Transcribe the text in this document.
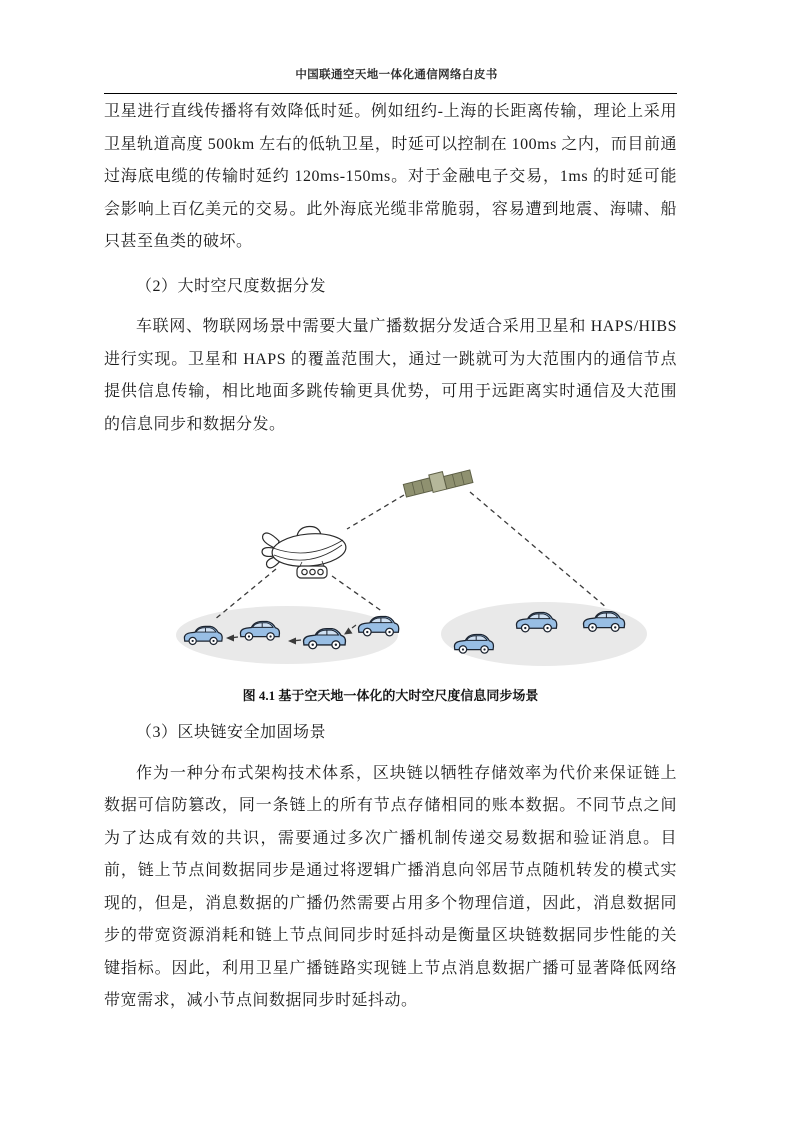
中国联通空天地一体化通信网络白皮书

卫星进行直线传播将有效降低时延。例如纽约-上海的长距离传输，理论上采用卫星轨道高度 500km 左右的低轨卫星，时延可以控制在 100ms 之内，而目前通过海底电缆的传输时延约 120ms-150ms。对于金融电子交易，1ms 的时延可能会影响上百亿美元的交易。此外海底光缆非常脆弱，容易遭到地震、海啸、船只甚至鱼类的破坏。

（2）大时空尺度数据分发

车联网、物联网场景中需要大量广播数据分发适合采用卫星和 HAPS/HIBS 进行实现。卫星和 HAPS 的覆盖范围大，通过一跳就可为大范围内的通信节点提供信息传输，相比地面多跳传输更具优势，可用于远距离实时通信及大范围的信息同步和数据分发。

图 4.1 基于空天地一体化的大时空尺度信息同步场景

（3）区块链安全加固场景

作为一种分布式架构技术体系，区块链以牺牲存储效率为代价来保证链上数据可信防篡改，同一条链上的所有节点存储相同的账本数据。不同节点之间为了达成有效的共识，需要通过多次广播机制传递交易数据和验证消息。目前，链上节点间数据同步是通过将逻辑广播消息向邻居节点随机转发的模式实现的，但是，消息数据的广播仍然需要占用多个物理信道，因此，消息数据同步的带宽资源消耗和链上节点间同步时延抖动是衡量区块链数据同步性能的关键指标。因此，利用卫星广播链路实现链上节点消息数据广播可显著降低网络带宽需求，减小节点间数据同步时延抖动。
